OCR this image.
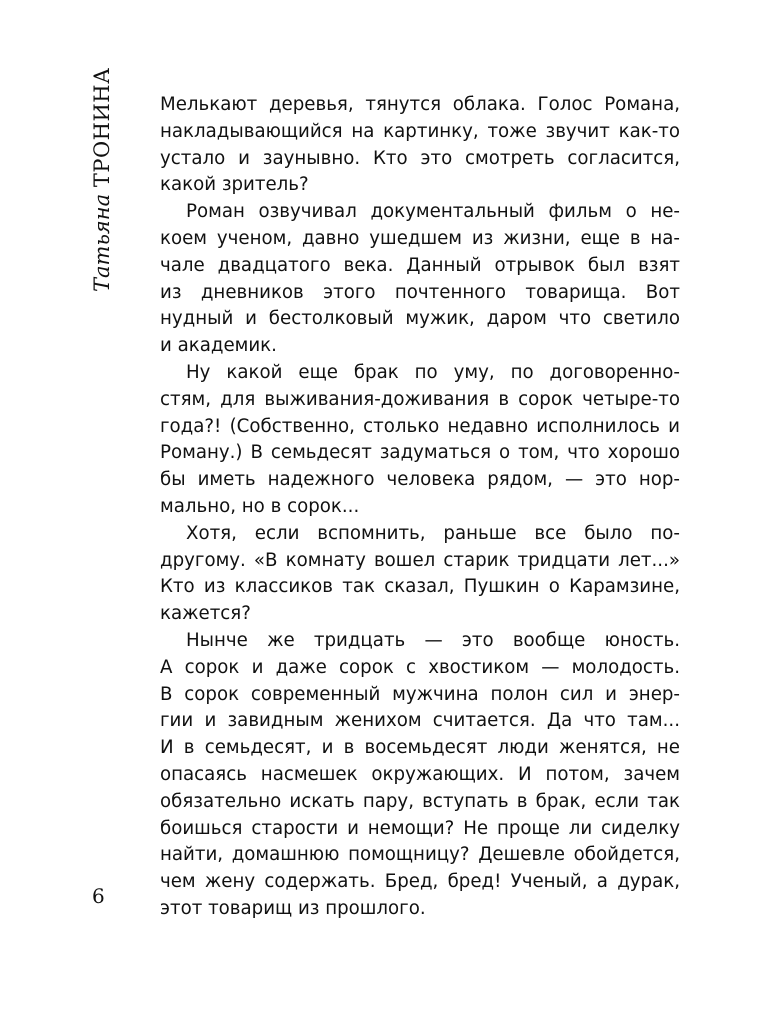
Татьяна ТРОНИНА	Мелькают деревья, тянутся облака. Голос Романа,
накладывающийся на картинку, тоже звучит как-то
устало и заунывно. Кто это смотреть согласится,
какой зритель?
Роман озвучивал документальный фильм о не-
коем ученом, давно ушедшем из жизни, еще в на-
чале двадцатого века. Данный отрывок был взят
из дневников этого почтенного товарища. Вот
нудный и бестолковый мужик, даром что светило
и академик.
Ну какой еще брак по уму, по договоренно-
стям, для выживания-доживания в сорок четыре-то
года?! (Собственно, столько недавно исполнилось и
Роману.) В семьдесят задуматься о том, что хорошо
бы иметь надежного человека рядом, — это нор-
мально, но в сорок...
Хотя, если вспомнить, раньше все было по-
другому. «В комнату вошел старик тридцати лет...»
Кто из классиков так сказал, Пушкин о Карамзине,
кажется?
Нынче же тридцать — это вообще юность.
А сорок и даже сорок с хвостиком — молодость.
В сорок современный мужчина полон сил и энер-
гии и завидным женихом считается. Да что там...
И в семьдесят, и в восемьдесят люди женятся, не
опасаясь насмешек окружающих. И потом, зачем
обязательно искать пару, вступать в брак, если так
боишься старости и немощи? Не проще ли сиделку
найти, домашнюю помощницу? Дешевле обойдется,
чем жену содержать. Бред, бред! Ученый, а дурак,
этот товарищ из прошлого.
6
